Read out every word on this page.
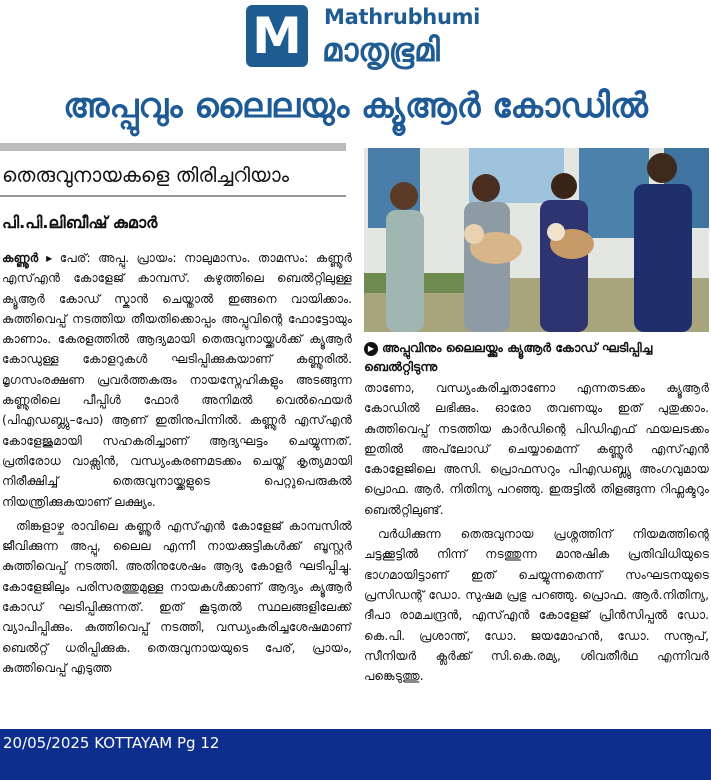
M Mathrubhumi
മാതൃഭൂമി
അപ്പുവും ലൈലയും ക്യൂആർ കോഡിൽ
തെരുവുനായകളെ തിരിച്ചറിയാം
പി.പി.ലിബീഷ് കുമാർ

കണ്ണൂർ ▸ പേര്: അപ്പു. പ്രായം: നാലുമാസം. താമസം: കണ്ണൂർ എസ്എൻ കോളേജ് കാമ്പസ്. കഴുത്തിലെ ബെൽറ്റിലുള്ള ക്യൂആർ കോഡ് സ്കാൻ ചെയ്താൽ ഇങ്ങനെ വായിക്കാം. കുത്തിവെപ്പ് നടത്തിയ തീയതിക്കൊപ്പം അപ്പുവിന്റെ ഫോട്ടോയും കാണാം. കേരളത്തിൽ ആദ്യമായി തെരുവുനായ്ക്കൾക്ക് ക്യൂആർ കോഡുള്ള കോളറുകൾ ഘടിപ്പിക്കുകയാണ് കണ്ണൂരിൽ. മൃഗസംരക്ഷണ പ്രവർത്തകരും നായസ്നേഹികളും അടങ്ങുന്ന കണ്ണൂരിലെ പീപ്പിൾ ഫോർ അനിമൽ വെൽഫെയർ (പിഎഡബ്ല്യു–പോ) ആണ് ഇതിനുപിന്നിൽ. കണ്ണൂർ എസ്എൻ കോളേജുമായി സഹകരിച്ചാണ് ആദ്യഘട്ടം ചെയ്യുന്നത്. പ്രതിരോധ വാക്സിൻ, വന്ധ്യംകരണമടക്കം ചെയ്ത് കൃത്യമായി നിരീക്ഷിച്ച് തെരുവുനായ്ക്കളുടെ പെറ്റുപെരുകൽ നിയന്ത്രിക്കുകയാണ് ലക്ഷ്യം.

തിങ്കളാഴ്ച രാവിലെ കണ്ണൂർ എസ്എൻ കോളേജ് കാമ്പസിൽ ജീവിക്കുന്ന അപ്പു, ലൈല എന്നീ നായക്കുട്ടികൾക്ക് ബൂസ്റ്റർ കുത്തിവെപ്പ് നടത്തി. അതിനുശേഷം ആദ്യ കോളർ ഘടിപ്പിച്ചു. കോളേജിലും പരിസരത്തുമുള്ള നായകൾക്കാണ് ആദ്യം ക്യൂആർ കോഡ് ഘടിപ്പിക്കുന്നത്. ഇത് കൂടുതൽ സ്ഥലങ്ങളിലേക്ക് വ്യാപിപ്പിക്കും. കുത്തിവെപ്പ് നടത്തി, വന്ധ്യംകരിച്ചശേഷമാണ് ബെൽറ്റ് ധരിപ്പിക്കുക. തെരുവുനായയുടെ പേര്, പ്രായം, കുത്തിവെപ്പ് എടുത്ത

▶ അപ്പുവിനും ലൈലയ്ക്കും ക്യൂആർ കോഡ് ഘടിപ്പിച്ച ബെൽറ്റിടുന്നു

താണോ, വന്ധ്യംകരിച്ചതാണോ എന്നതടക്കം ക്യൂആർ കോഡിൽ ലഭിക്കും. ഓരോ തവണയും ഇത് പുതുക്കാം. കുത്തിവെപ്പ് നടത്തിയ കാർഡിന്റെ പിഡിഎഫ് ഫയലടക്കം ഇതിൽ അപ്‌ലോഡ് ചെയ്യാമെന്ന് കണ്ണൂർ എസ്എൻ കോളേജിലെ അസി. പ്രൊഫസറും പിഎഡബ്ല്യു അംഗവുമായ പ്രൊഫ. ആർ. നിതിന്യ പറഞ്ഞു. ഇരുട്ടിൽ തിളങ്ങുന്ന റിഫ്ലക്ടറും ബെൽറ്റിലുണ്ട്.

വർധിക്കുന്ന തെരുവുനായ പ്രശ്നത്തിന് നിയമത്തിന്റെ ചട്ടക്കൂട്ടിൽ നിന്ന് നടത്തുന്ന മാനുഷിക പ്രതിവിധിയുടെ ഭാഗമായിട്ടാണ് ഇത് ചെയ്യുന്നതെന്ന് സംഘടനയുടെ പ്രസിഡന്റ് ഡോ. സുഷമ പ്രഭു പറഞ്ഞു. പ്രൊഫ. ആർ.നിതിന്യ, ദീപാ രാമചന്ദ്രൻ, എസ്എൻ കോളേജ് പ്രിൻസിപ്പൽ ഡോ. കെ.പി. പ്രശാന്ത്, ഡോ. ജയമോഹൻ, ഡോ. സനൂപ്, സീനിയർ ക്ലർക്ക് സി.കെ.രമ്യ, ശിവതീർഥ എന്നിവർ പങ്കെടുത്തു.

20/05/2025 KOTTAYAM Pg 12
